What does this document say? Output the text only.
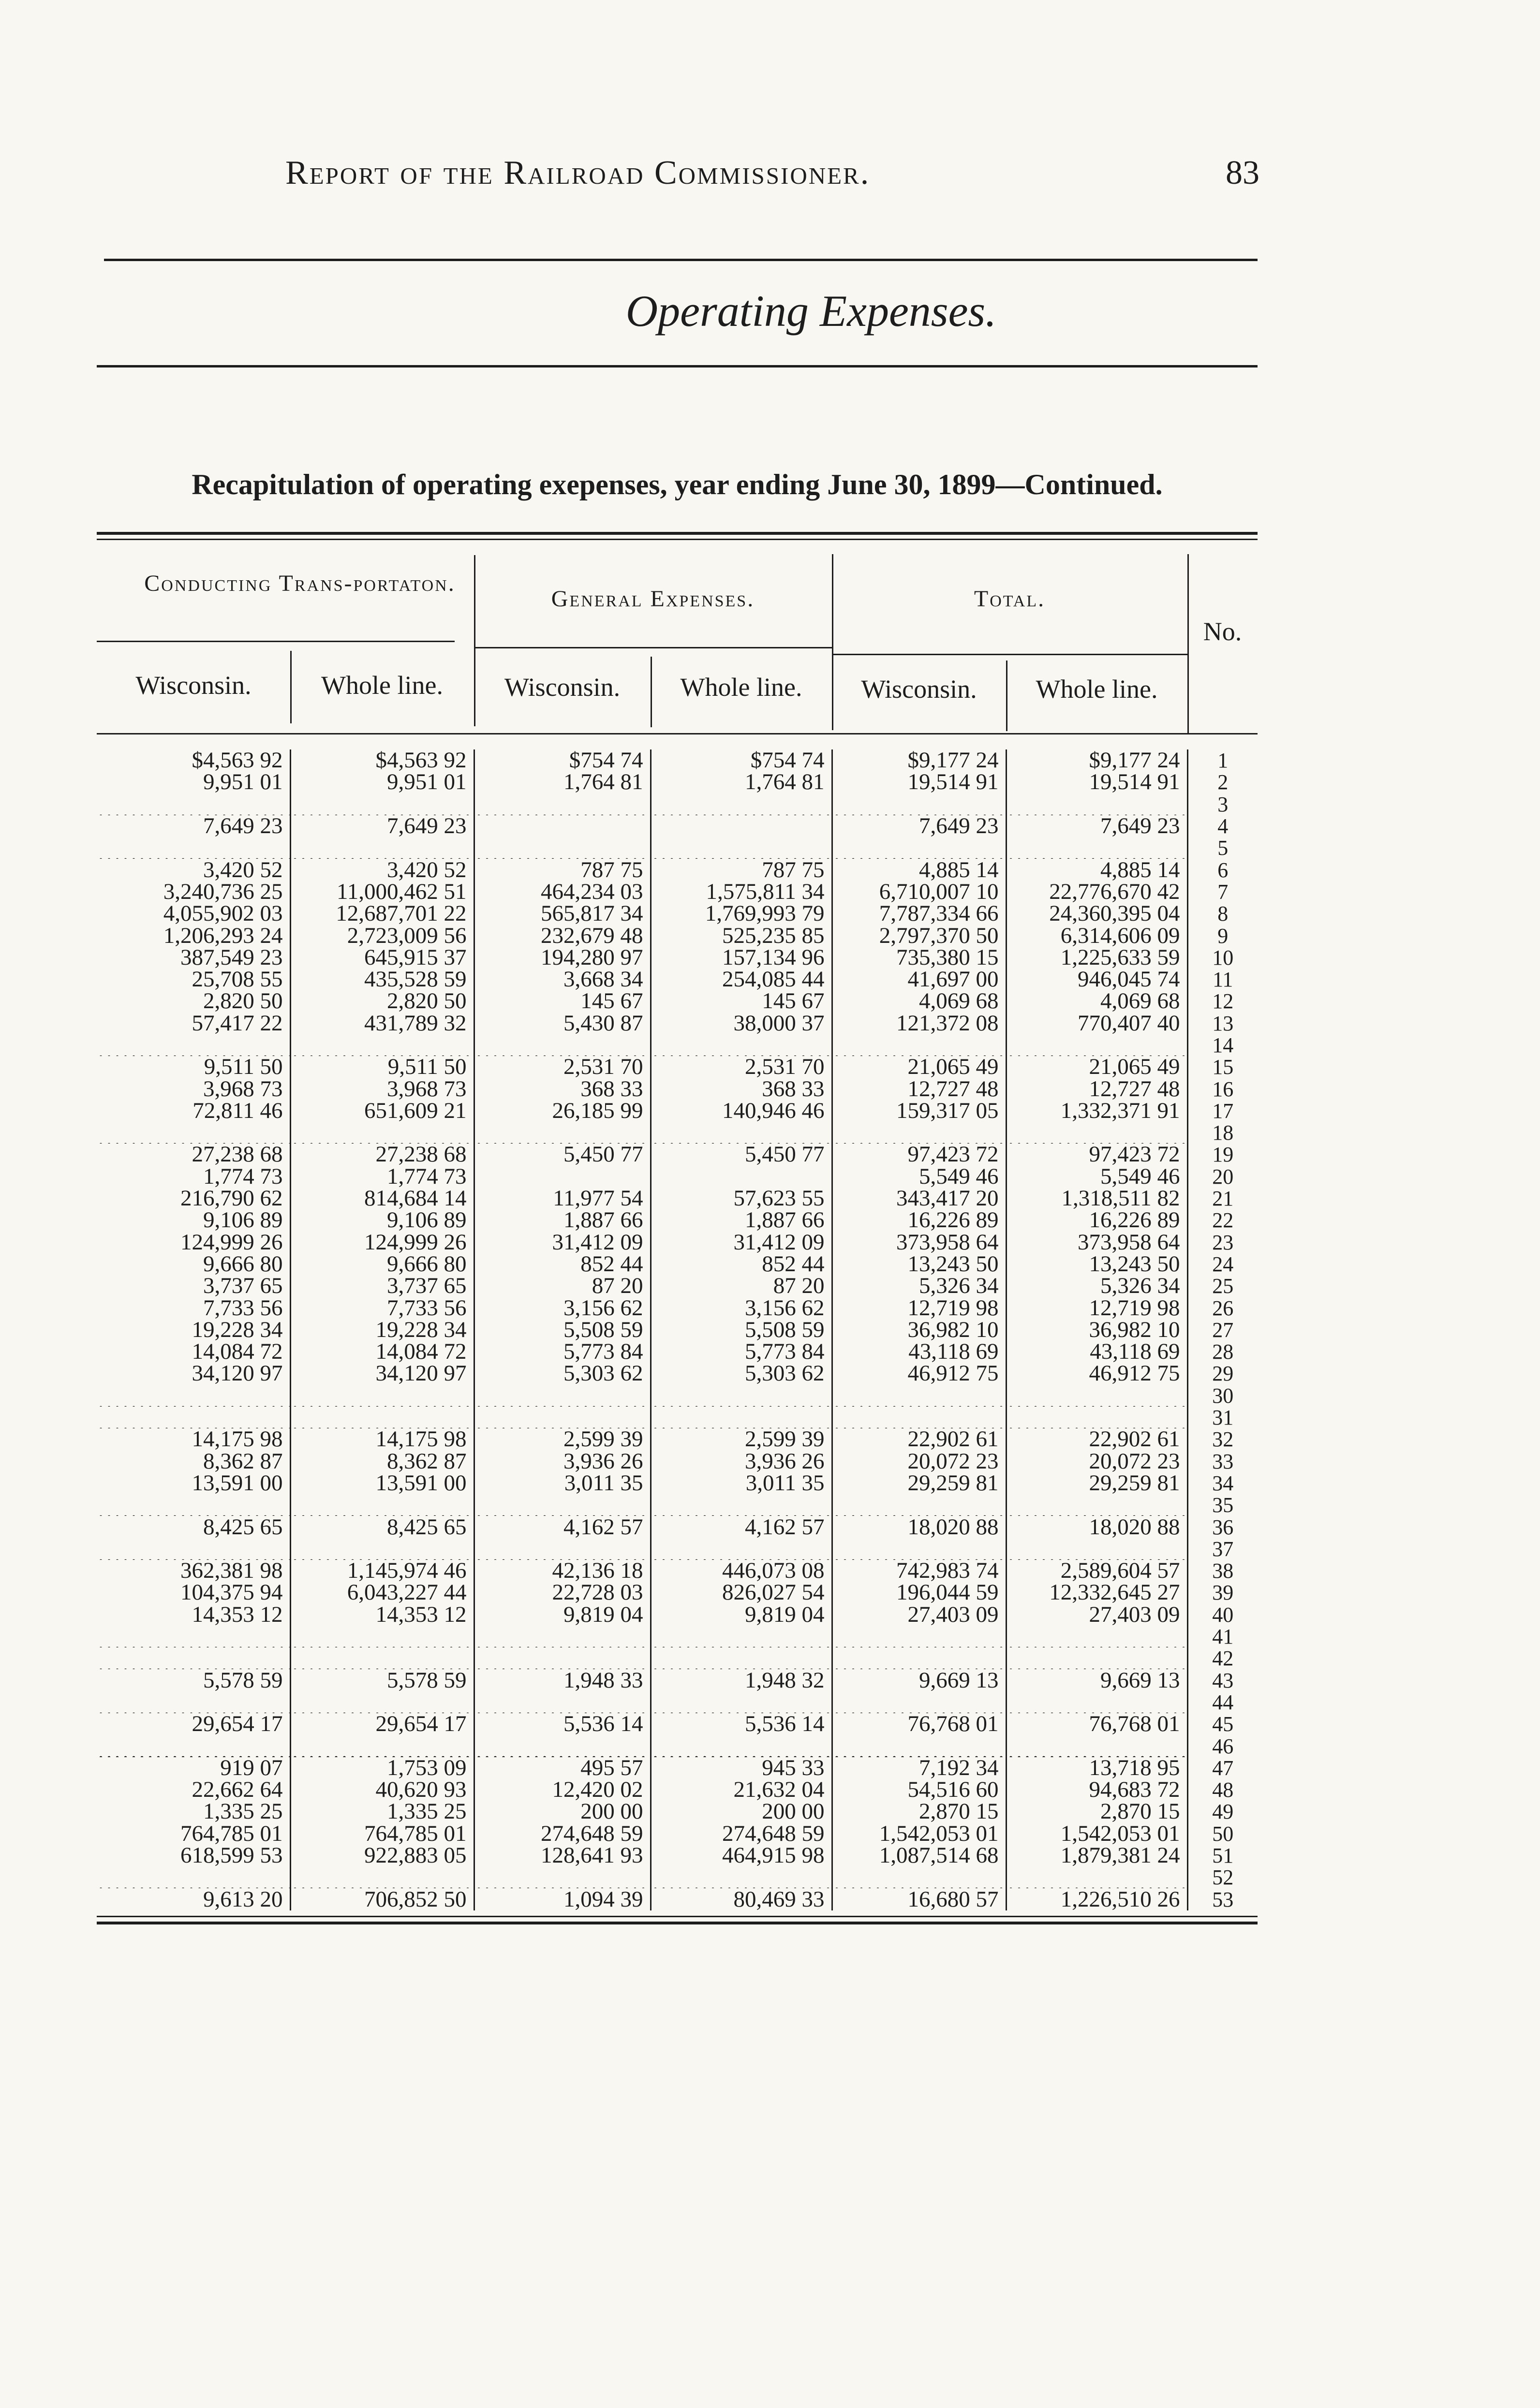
Report of the Railroad Commissioner.	83
Operating Expenses.
Recapitulation of operating exepenses, year ending June 30, 1899—Continued.
Conducting Trans-portaton.
General Expenses.	Total.
No.
Wisconsin.	Whole line.	Wisconsin.	Whole line.	Wisconsin.	Whole line.
$4,563 92	$4,563 92	$754 74	$754 74	$9,177 24	$9,177 24	1
9,951 01	9,951 01	1,764 81	1,764 81	19,514 91	19,514 91	2
						3
7,649 23	7,649 23			7,649 23	7,649 23	4
						5
3,420 52	3,420 52	787 75	787 75	4,885 14	4,885 14	6
3,240,736 25	11,000,462 51	464,234 03	1,575,811 34	6,710,007 10	22,776,670 42	7
4,055,902 03	12,687,701 22	565,817 34	1,769,993 79	7,787,334 66	24,360,395 04	8
1,206,293 24	2,723,009 56	232,679 48	525,235 85	2,797,370 50	6,314,606 09	9
387,549 23	645,915 37	194,280 97	157,134 96	735,380 15	1,225,633 59	10
25,708 55	435,528 59	3,668 34	254,085 44	41,697 00	946,045 74	11
2,820 50	2,820 50	145 67	145 67	4,069 68	4,069 68	12
57,417 22	431,789 32	5,430 87	38,000 37	121,372 08	770,407 40	13
						14
9,511 50	9,511 50	2,531 70	2,531 70	21,065 49	21,065 49	15
3,968 73	3,968 73	368 33	368 33	12,727 48	12,727 48	16
72,811 46	651,609 21	26,185 99	140,946 46	159,317 05	1,332,371 91	17
						18
27,238 68	27,238 68	5,450 77	5,450 77	97,423 72	97,423 72	19
1,774 73	1,774 73			5,549 46	5,549 46	20
216,790 62	814,684 14	11,977 54	57,623 55	343,417 20	1,318,511 82	21
9,106 89	9,106 89	1,887 66	1,887 66	16,226 89	16,226 89	22
124,999 26	124,999 26	31,412 09	31,412 09	373,958 64	373,958 64	23
9,666 80	9,666 80	852 44	852 44	13,243 50	13,243 50	24
3,737 65	3,737 65	87 20	87 20	5,326 34	5,326 34	25
7,733 56	7,733 56	3,156 62	3,156 62	12,719 98	12,719 98	26
19,228 34	19,228 34	5,508 59	5,508 59	36,982 10	36,982 10	27
14,084 72	14,084 72	5,773 84	5,773 84	43,118 69	43,118 69	28
34,120 97	34,120 97	5,303 62	5,303 62	46,912 75	46,912 75	29
						30
						31
14,175 98	14,175 98	2,599 39	2,599 39	22,902 61	22,902 61	32
8,362 87	8,362 87	3,936 26	3,936 26	20,072 23	20,072 23	33
13,591 00	13,591 00	3,011 35	3,011 35	29,259 81	29,259 81	34
						35
8,425 65	8,425 65	4,162 57	4,162 57	18,020 88	18,020 88	36
						37
362,381 98	1,145,974 46	42,136 18	446,073 08	742,983 74	2,589,604 57	38
104,375 94	6,043,227 44	22,728 03	826,027 54	196,044 59	12,332,645 27	39
14,353 12	14,353 12	9,819 04	9,819 04	27,403 09	27,403 09	40
						41
						42
5,578 59	5,578 59	1,948 33	1,948 32	9,669 13	9,669 13	43
						44
29,654 17	29,654 17	5,536 14	5,536 14	76,768 01	76,768 01	45
						46
919 07	1,753 09	495 57	945 33	7,192 34	13,718 95	47
22,662 64	40,620 93	12,420 02	21,632 04	54,516 60	94,683 72	48
1,335 25	1,335 25	200 00	200 00	2,870 15	2,870 15	49
764,785 01	764,785 01	274,648 59	274,648 59	1,542,053 01	1,542,053 01	50
618,599 53	922,883 05	128,641 93	464,915 98	1,087,514 68	1,879,381 24	51
						52
9,613 20	706,852 50	1,094 39	80,469 33	16,680 57	1,226,510 26	53
